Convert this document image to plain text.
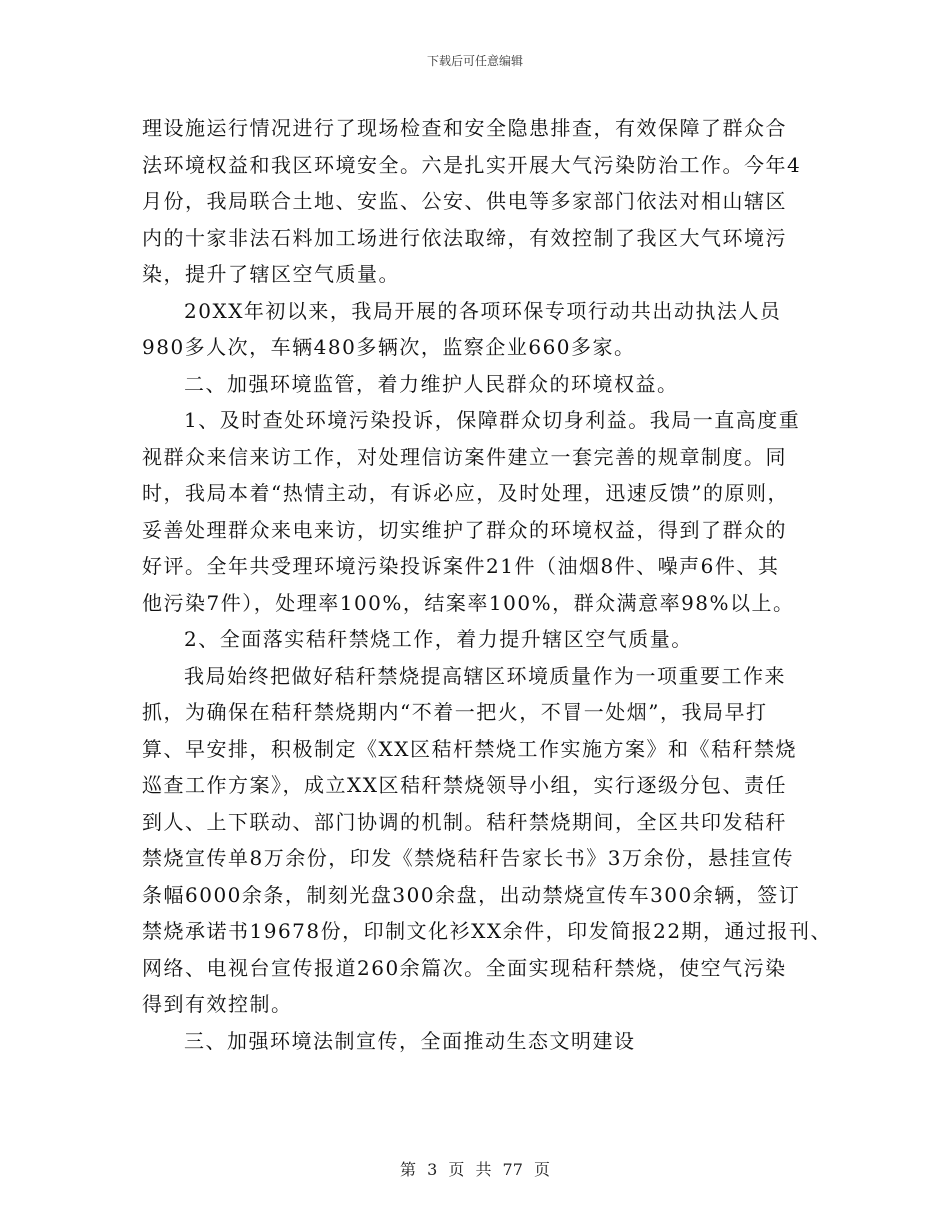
下载后可任意编辑
理设施运行情况进行了现场检查和安全隐患排查，有效保障了群众合
法环境权益和我区环境安全。六是扎实开展大气污染防治工作。今年4
月份，我局联合土地、安监、公安、供电等多家部门依法对相山辖区
内的十家非法石料加工场进行依法取缔，有效控制了我区大气环境污
染，提升了辖区空气质量。
20XX年初以来，我局开展的各项环保专项行动共出动执法人员
980多人次，车辆480多辆次，监察企业660多家。
二、加强环境监管，着力维护人民群众的环境权益。
1、及时查处环境污染投诉，保障群众切身利益。我局一直高度重
视群众来信来访工作，对处理信访案件建立一套完善的规章制度。同
时，我局本着“热情主动，有诉必应，及时处理，迅速反馈”的原则，
妥善处理群众来电来访，切实维护了群众的环境权益，得到了群众的
好评。全年共受理环境污染投诉案件21件（油烟8件、噪声6件、其
他污染7件），处理率100%，结案率100%，群众满意率98%以上。
2、全面落实秸秆禁烧工作，着力提升辖区空气质量。
我局始终把做好秸秆禁烧提高辖区环境质量作为一项重要工作来
抓，为确保在秸秆禁烧期内“不着一把火，不冒一处烟”，我局早打
算、早安排，积极制定《XX区秸杆禁烧工作实施方案》和《秸秆禁烧
巡查工作方案》，成立XX区秸秆禁烧领导小组，实行逐级分包、责任
到人、上下联动、部门协调的机制。秸秆禁烧期间，全区共印发秸秆
禁烧宣传单8万余份，印发《禁烧秸秆告家长书》3万余份，悬挂宣传
条幅6000余条，制刻光盘300余盘，出动禁烧宣传车300余辆，签订
禁烧承诺书19678份，印制文化衫XX余件，印发简报22期，通过报刊、
网络、电视台宣传报道260余篇次。全面实现秸秆禁烧，使空气污染
得到有效控制。
三、加强环境法制宣传，全面推动生态文明建设
第 3 页 共 77 页
